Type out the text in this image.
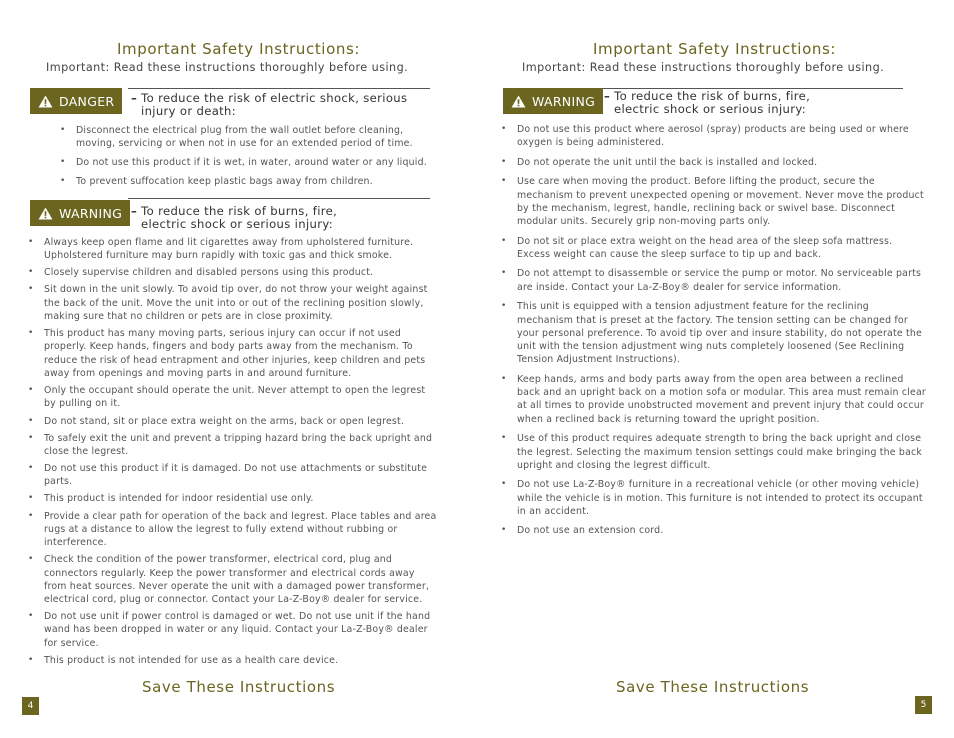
Important Safety Instructions:
Important: Read these instructions thoroughly before using.
DANGER – To reduce the risk of electric shock, serious
injury or death:
• Disconnect the electrical plug from the wall outlet before cleaning, moving, servicing or when not in use for an extended period of time.
• Do not use this product if it is wet, in water, around water or any liquid.
• To prevent suffocation keep plastic bags away from children.
WARNING – To reduce the risk of burns, fire,
electric shock or serious injury:
• Always keep open flame and lit cigarettes away from upholstered furniture. Upholstered furniture may burn rapidly with toxic gas and thick smoke.
• Closely supervise children and disabled persons using this product.
• Sit down in the unit slowly. To avoid tip over, do not throw your weight against the back of the unit. Move the unit into or out of the reclining position slowly, making sure that no children or pets are in close proximity.
• This product has many moving parts, serious injury can occur if not used properly. Keep hands, fingers and body parts away from the mechanism. To reduce the risk of head entrapment and other injuries, keep children and pets away from openings and moving parts in and around furniture.
• Only the occupant should operate the unit. Never attempt to open the legrest by pulling on it.
• Do not stand, sit or place extra weight on the arms, back or open legrest.
• To safely exit the unit and prevent a tripping hazard bring the back upright and close the legrest.
• Do not use this product if it is damaged. Do not use attachments or substitute parts.
• This product is intended for indoor residential use only.
• Provide a clear path for operation of the back and legrest. Place tables and area rugs at a distance to allow the legrest to fully extend without rubbing or interference.
• Check the condition of the power transformer, electrical cord, plug and connectors regularly. Keep the power transformer and electrical cords away from heat sources. Never operate the unit with a damaged power transformer, electrical cord, plug or connector. Contact your La-Z-Boy® dealer for service.
• Do not use unit if power control is damaged or wet. Do not use unit if the hand wand has been dropped in water or any liquid. Contact your La-Z-Boy® dealer for service.
• This product is not intended for use as a health care device.
Save These Instructions
4
Important Safety Instructions:
Important: Read these instructions thoroughly before using.
WARNING – To reduce the risk of burns, fire,
electric shock or serious injury:
• Do not use this product where aerosol (spray) products are being used or where oxygen is being administered.
• Do not operate the unit until the back is installed and locked.
• Use care when moving the product. Before lifting the product, secure the mechanism to prevent unexpected opening or movement. Never move the product by the mechanism, legrest, handle, reclining back or swivel base. Disconnect modular units. Securely grip non-moving parts only.
• Do not sit or place extra weight on the head area of the sleep sofa mattress. Excess weight can cause the sleep surface to tip up and back.
• Do not attempt to disassemble or service the pump or motor. No serviceable parts are inside. Contact your La-Z-Boy® dealer for service information.
• This unit is equipped with a tension adjustment feature for the reclining mechanism that is preset at the factory. The tension setting can be changed for your personal preference. To avoid tip over and insure stability, do not operate the unit with the tension adjustment wing nuts completely loosened (See Reclining Tension Adjustment Instructions).
• Keep hands, arms and body parts away from the open area between a reclined back and an upright back on a motion sofa or modular. This area must remain clear at all times to provide unobstructed movement and prevent injury that could occur when a reclined back is returning toward the upright position.
• Use of this product requires adequate strength to bring the back upright and close the legrest. Selecting the maximum tension settings could make bringing the back upright and closing the legrest difficult.
• Do not use La-Z-Boy® furniture in a recreational vehicle (or other moving vehicle) while the vehicle is in motion. This furniture is not intended to protect its occupant in an accident.
• Do not use an extension cord.
Save These Instructions
5
